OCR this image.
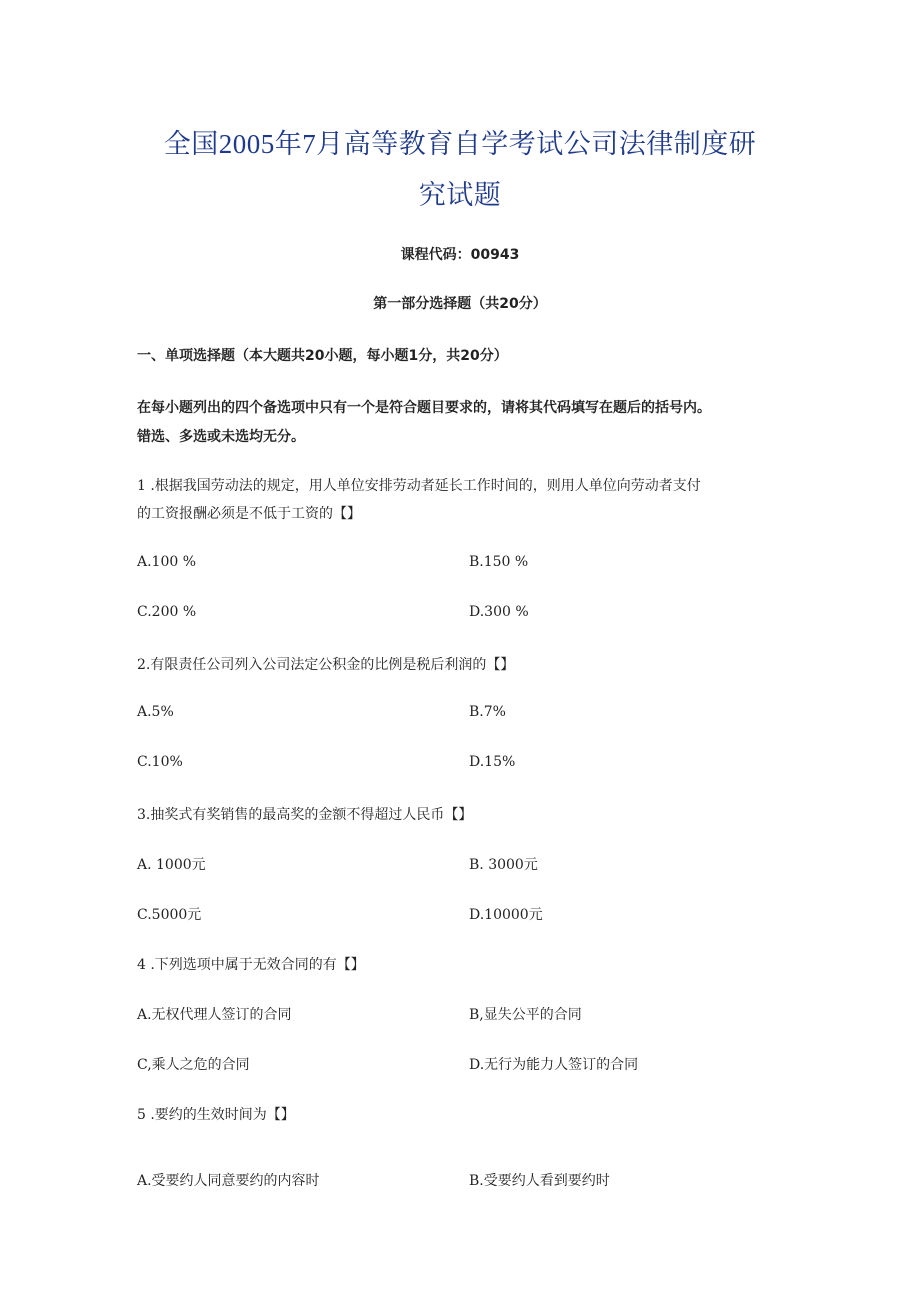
全国2005年7月高等教育自学考试公司法律制度研
究试题
课程代码：00943
第一部分选择题（共20分）
一、单项选择题（本大题共20小题，每小题1分，共20分）
在每小题列出的四个备选项中只有一个是符合题目要求的，请将其代码填写在题后的括号内。
错选、多选或未选均无分。
1 .根据我国劳动法的规定，用人单位安排劳动者延长工作时间的，则用人单位向劳动者支付
的工资报酬必须是不低于工资的【】
A.100 %	B.150 %
C.200 %	D.300 %
2.有限责任公司列入公司法定公积金的比例是税后利润的【】
A.5%	B.7%
C.10%	D.15%
3.抽奖式有奖销售的最高奖的金额不得超过人民币【】
A. 1000元	B. 3000元
C.5000元	D.10000元
4 .下列选项中属于无效合同的有【】
A.无权代理人签订的合同	B,显失公平的合同
C,乘人之危的合同	D.无行为能力人签订的合同
5 .要约的生效时间为【】
A.受要约人同意要约的内容时	B.受要约人看到要约时
